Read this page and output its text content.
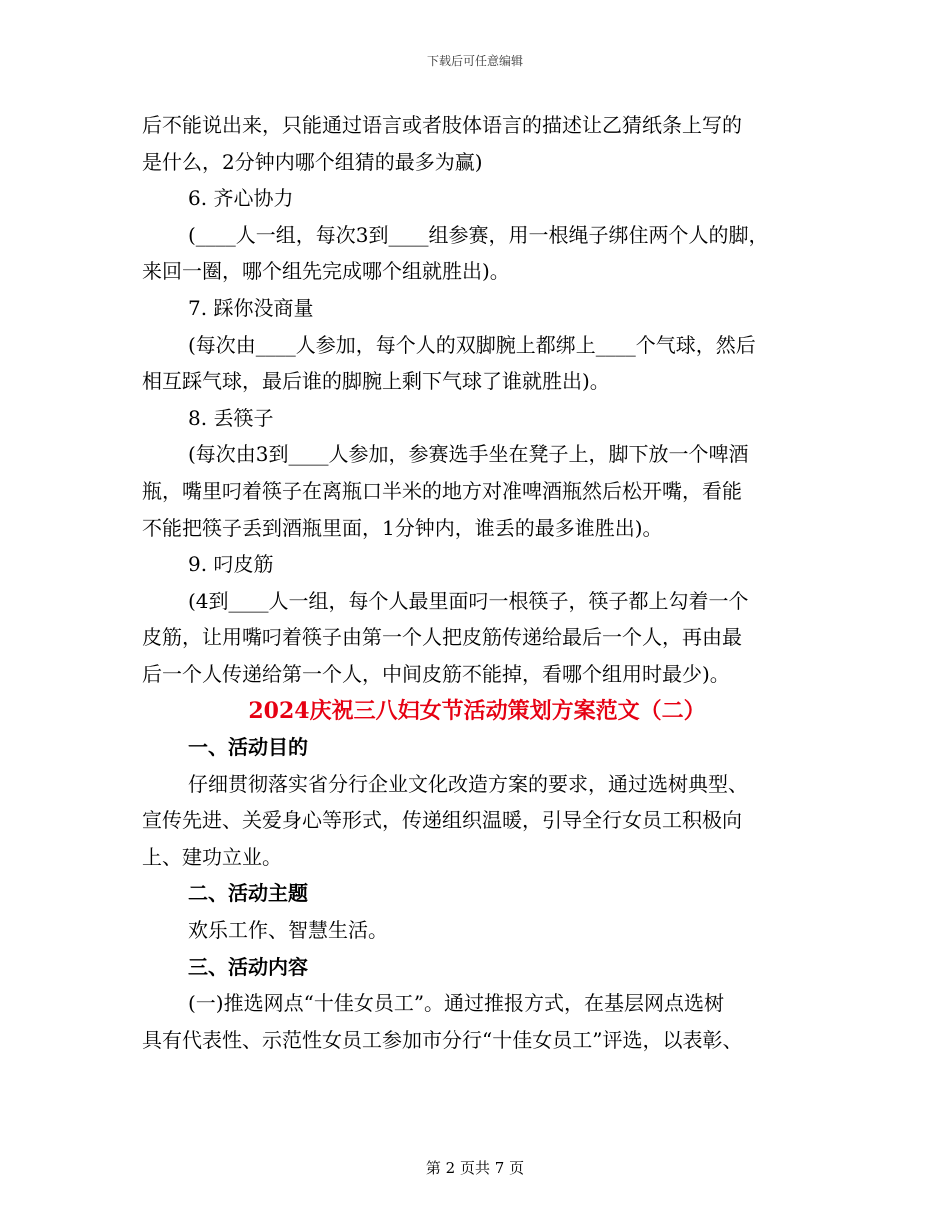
下载后可任意编辑
后不能说出来，只能通过语言或者肢体语言的描述让乙猜纸条上写的
是什么，2分钟内哪个组猜的最多为赢)
6. 齐心协力
(____人一组，每次3到____组参赛，用一根绳子绑住两个人的脚，
来回一圈，哪个组先完成哪个组就胜出)。
7. 踩你没商量
(每次由____人参加，每个人的双脚腕上都绑上____个气球，然后
相互踩气球，最后谁的脚腕上剩下气球了谁就胜出)。
8. 丢筷子
(每次由3到____人参加，参赛选手坐在凳子上，脚下放一个啤酒
瓶，嘴里叼着筷子在离瓶口半米的地方对准啤酒瓶然后松开嘴，看能
不能把筷子丢到酒瓶里面，1分钟内，谁丢的最多谁胜出)。
9. 叼皮筋
(4到____人一组，每个人最里面叼一根筷子，筷子都上勾着一个
皮筋，让用嘴叼着筷子由第一个人把皮筋传递给最后一个人，再由最
后一个人传递给第一个人，中间皮筋不能掉，看哪个组用时最少)。
2024庆祝三八妇女节活动策划方案范文（二）
一、活动目的
仔细贯彻落实省分行企业文化改造方案的要求，通过选树典型、
宣传先进、关爱身心等形式，传递组织温暖，引导全行女员工积极向
上、建功立业。
二、活动主题
欢乐工作、智慧生活。
三、活动内容
(一)推选网点“十佳女员工”。通过推报方式，在基层网点选树
具有代表性、示范性女员工参加市分行“十佳女员工”评选，以表彰、
第 2 页共 7 页
